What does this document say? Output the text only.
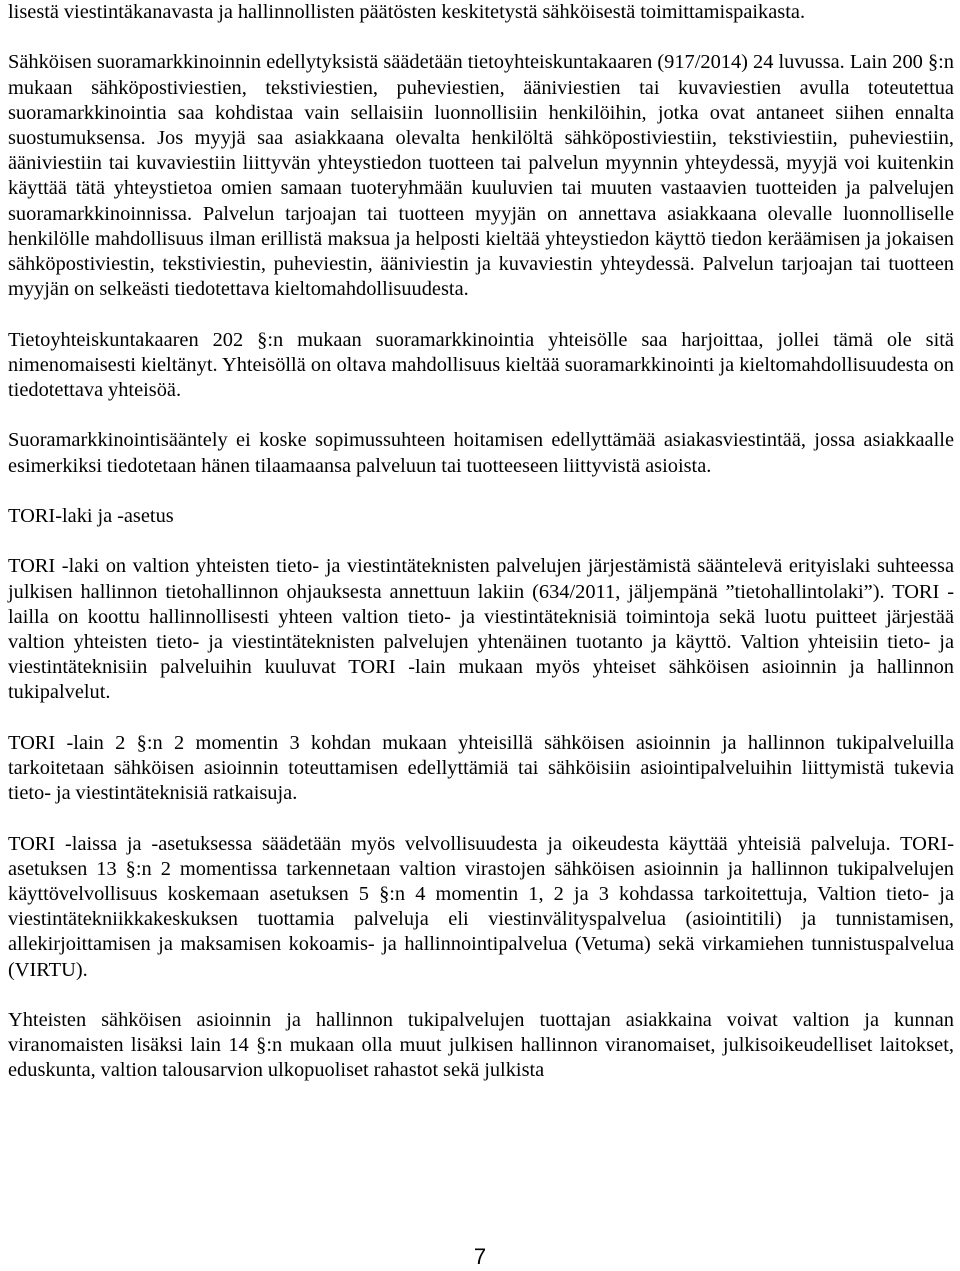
lisestä viestintäkanavasta ja hallinnollisten päätösten keskitetystä sähköisestä toimittamispaikasta.

Sähköisen suoramarkkinoinnin edellytyksistä säädetään tietoyhteiskuntakaaren (917/2014) 24 luvussa. Lain 200 §:n mukaan sähköpostiviestien, tekstiviestien, puheviestien, ääniviestien tai kuvaviestien avulla toteutettua suoramarkkinointia saa kohdistaa vain sellaisiin luonnollisiin henkilöihin, jotka ovat antaneet siihen ennalta suostumuksensa. Jos myyjä saa asiakkaana olevalta henkilöltä sähköpostiviestiin, tekstiviestiin, puheviestiin, ääniviestiin tai kuvaviestiin liittyvän yhteystiedon tuotteen tai palvelun myynnin yhteydessä, myyjä voi kuitenkin käyttää tätä yhteystietoa omien samaan tuoteryhmään kuuluvien tai muuten vastaavien tuotteiden ja palvelujen suoramarkkinoinnissa. Palvelun tarjoajan tai tuotteen myyjän on annettava asiakkaana olevalle luonnolliselle henkilölle mahdollisuus ilman erillistä maksua ja helposti kieltää yhteystiedon käyttö tiedon keräämisen ja jokaisen sähköpostiviestin, tekstiviestin, puheviestin, ääniviestin ja kuvaviestin yhteydessä. Palvelun tarjoajan tai tuotteen myyjän on selkeästi tiedotettava kieltomahdollisuudesta.

Tietoyhteiskuntakaaren 202 §:n mukaan suoramarkkinointia yhteisölle saa harjoittaa, jollei tämä ole sitä nimenomaisesti kieltänyt. Yhteisöllä on oltava mahdollisuus kieltää suoramarkkinointi ja kieltomahdollisuudesta on tiedotettava yhteisöä.

Suoramarkkinointisääntely ei koske sopimussuhteen hoitamisen edellyttämää asiakasviestintää, jossa asiakkaalle esimerkiksi tiedotetaan hänen tilaamaansa palveluun tai tuotteeseen liittyvistä asioista.

TORI-laki ja -asetus

TORI -laki on valtion yhteisten tieto- ja viestintäteknisten palvelujen järjestämistä sääntelevä erityislaki suhteessa julkisen hallinnon tietohallinnon ohjauksesta annettuun lakiin (634/2011, jäljempänä ”tietohallintolaki”). TORI -lailla on koottu hallinnollisesti yhteen valtion tieto- ja viestintäteknisiä toimintoja sekä luotu puitteet järjestää valtion yhteisten tieto- ja viestintäteknisten palvelujen yhtenäinen tuotanto ja käyttö. Valtion yhteisiin tieto- ja viestintäteknisiin palveluihin kuuluvat TORI -lain mukaan myös yhteiset sähköisen asioinnin ja hallinnon tukipalvelut.

TORI -lain 2 §:n 2 momentin 3 kohdan mukaan yhteisillä sähköisen asioinnin ja hallinnon tukipalveluilla tarkoitetaan sähköisen asioinnin toteuttamisen edellyttämiä tai sähköisiin asiointipalveluihin liittymistä tukevia tieto- ja viestintäteknisiä ratkaisuja.

TORI -laissa ja -asetuksessa säädetään myös velvollisuudesta ja oikeudesta käyttää yhteisiä palveluja. TORI-asetuksen 13 §:n 2 momentissa tarkennetaan valtion virastojen sähköisen asioinnin ja hallinnon tukipalvelujen käyttövelvollisuus koskemaan asetuksen 5 §:n 4 momentin 1, 2 ja 3 kohdassa tarkoitettuja, Valtion tieto- ja viestintätekniikkakeskuksen tuottamia palveluja eli viestinvälityspalvelua (asiointitili) ja tunnistamisen, allekirjoittamisen ja maksamisen kokoamis- ja hallinnointipalvelua (Vetuma) sekä virkamiehen tunnistuspalvelua (VIRTU).

Yhteisten sähköisen asioinnin ja hallinnon tukipalvelujen tuottajan asiakkaina voivat valtion ja kunnan viranomaisten lisäksi lain 14 §:n mukaan olla muut julkisen hallinnon viranomaiset, julkisoikeudelliset laitokset, eduskunta, valtion talousarvion ulkopuoliset rahastot sekä julkista

7
